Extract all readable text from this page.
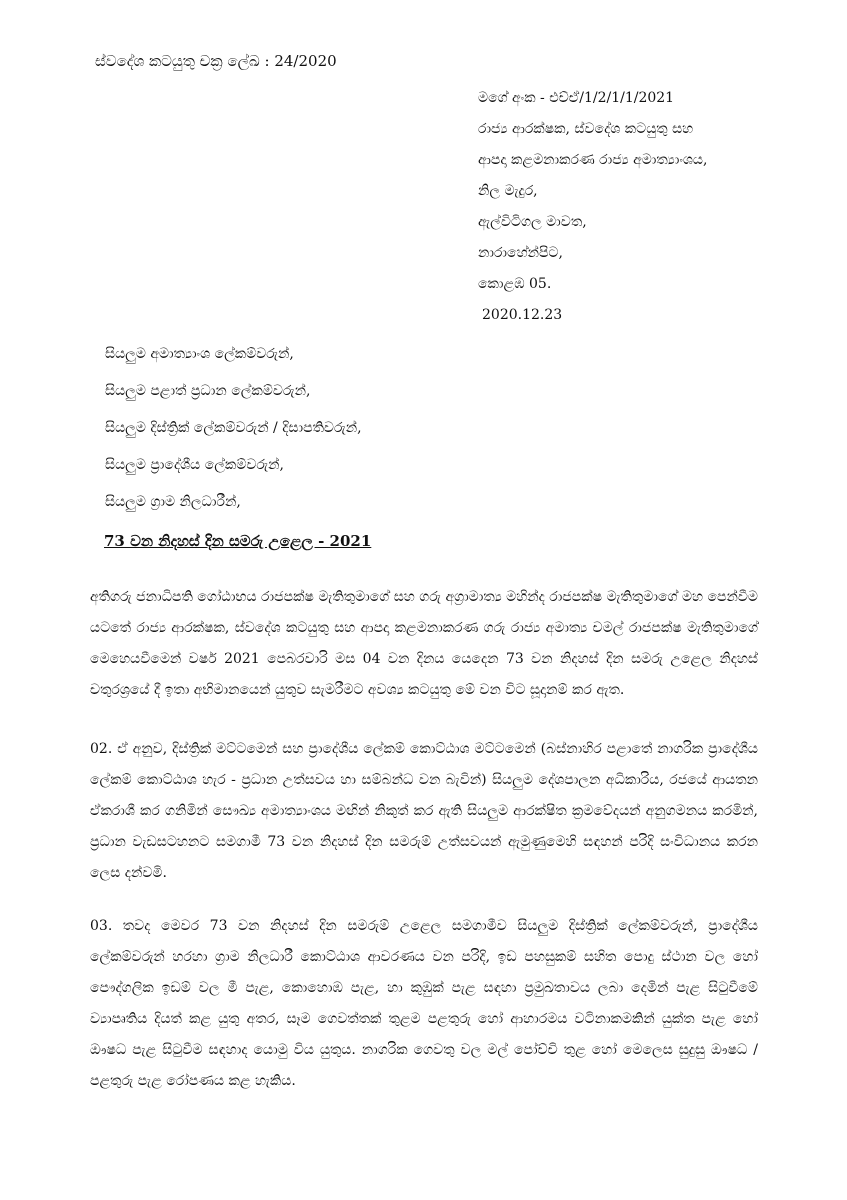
ස්වදේශ කටයුතු චක්‍ර ලේඛ : 24/2020
මගේ අංක - එච්ඒ/1/2/1/1/2021
රාජ්‍ය ආරක්ෂක, ස්වදේශ කටයුතු සහ
ආපදා කළමනාකරණ රාජ්‍ය අමාත්‍යාංශය,
නිල මැදුර,
ඇල්විටිගල මාවත,
නාරාහේන්පිට,
කොළඹ 05.
2020.12.23
සියලුම අමාත්‍යාංශ ලේකම්වරුන්,
සියලුම පළාත් ප්‍රධාන ලේකම්වරුන්,
සියලුම දිස්ත්‍රික් ලේකම්වරුන් / දිසාපතිවරුන්,
සියලුම ප්‍රාදේශීය ලේකම්වරුන්,
සියලුම ග්‍රාම නිලධාරීන්,
73 වන නිදහස් දින සමරු උළෙල - 2021
අතිගරු ජනාධිපති ගෝඨාභය රාජපක්ෂ මැතිතුමාගේ සහ ගරු අග්‍රාමාත්‍ය මහින්ද රාජපක්ෂ මැතිතුමාගේ මහ පෙන්වීම යටතේ රාජ්‍ය ආරක්ෂක, ස්වදේශ කටයුතු සහ ආපදා කළමනාකරණ ගරු රාජ්‍ය අමාත්‍ය චමල් රාජපක්ෂ මැතිතුමාගේ මෙහෙයවීමෙන් වර්ෂ 2021 පෙබරවාරි මස 04 වන දිනය යෙදෙන 73 වන නිදහස් දින සමරු උළෙල නිදහස් චතුරශ්‍රයේ දී ඉතා අභිමානයෙන් යුතුව සැමරීමට අවශ්‍ය කටයුතු මේ වන විට සූදානම් කර ඇත.
02. ඒ අනුව, දිස්ත්‍රික් මට්ටමෙන් සහ ප්‍රාදේශීය ලේකම් කොට්ඨාශ මට්ටමෙන් (බස්නාහිර පළාතේ නාගරික ප්‍රාදේශීය ලේකම් කොට්ඨාශ හැර - ප්‍රධාන උත්සවය හා සම්බන්ධ වන බැවින්) සියලුම දේශපාලන අධිකාරිය, රජයේ ආයතන ඒකරාශී කර ගනිමින් සෞඛ්‍ය අමාත්‍යාංශය මඟින් නිකුත් කර ඇති සියලුම ආරක්ෂිත ක්‍රමවේදයන් අනුගමනය කරමින්, ප්‍රධාන වැඩසටහනට සමගාමී 73 වන නිදහස් දින සමරුම් උත්සවයන් ඇමුණුමෙහි සඳහන් පරිදි සංවිධානය කරන ලෙස දන්වමි.
03. තවද මෙවර 73 වන නිදහස් දින සමරුම් උළෙල සමගාමීව සියලුම දිස්ත්‍රික් ලේකම්වරුන්, ප්‍රාදේශීය ලේකම්වරුන් හරහා ග්‍රාම නිලධාරී කොට්ඨාශ ආවරණය වන පරිදි, ඉඩ පහසුකම් සහිත පොදු ස්ථාන වල හෝ පෞද්ගලික ඉඩම් වල මී පැළ, කොහොඹ පැළ, හා කුඹුක් පැළ සඳහා ප්‍රමුඛතාවය ලබා දෙමින් පැළ සිටුවීමේ ව්‍යාපෘතිය දියත් කළ යුතු අතර, සෑම ගෙවත්තක් තුළම පළතුරු හෝ ආහාරමය වටිනාකමකින් යුක්ත පැළ හෝ ඖෂධ පැළ සිටුවීම සඳහාද යොමු විය යුතුය. නාගරික ගෙවතු වල මල් පෝච්චි තුළ හෝ මෙලෙස සුදුසු ඖෂධ / පළතුරු පැළ රෝපණය කළ හැකිය.
